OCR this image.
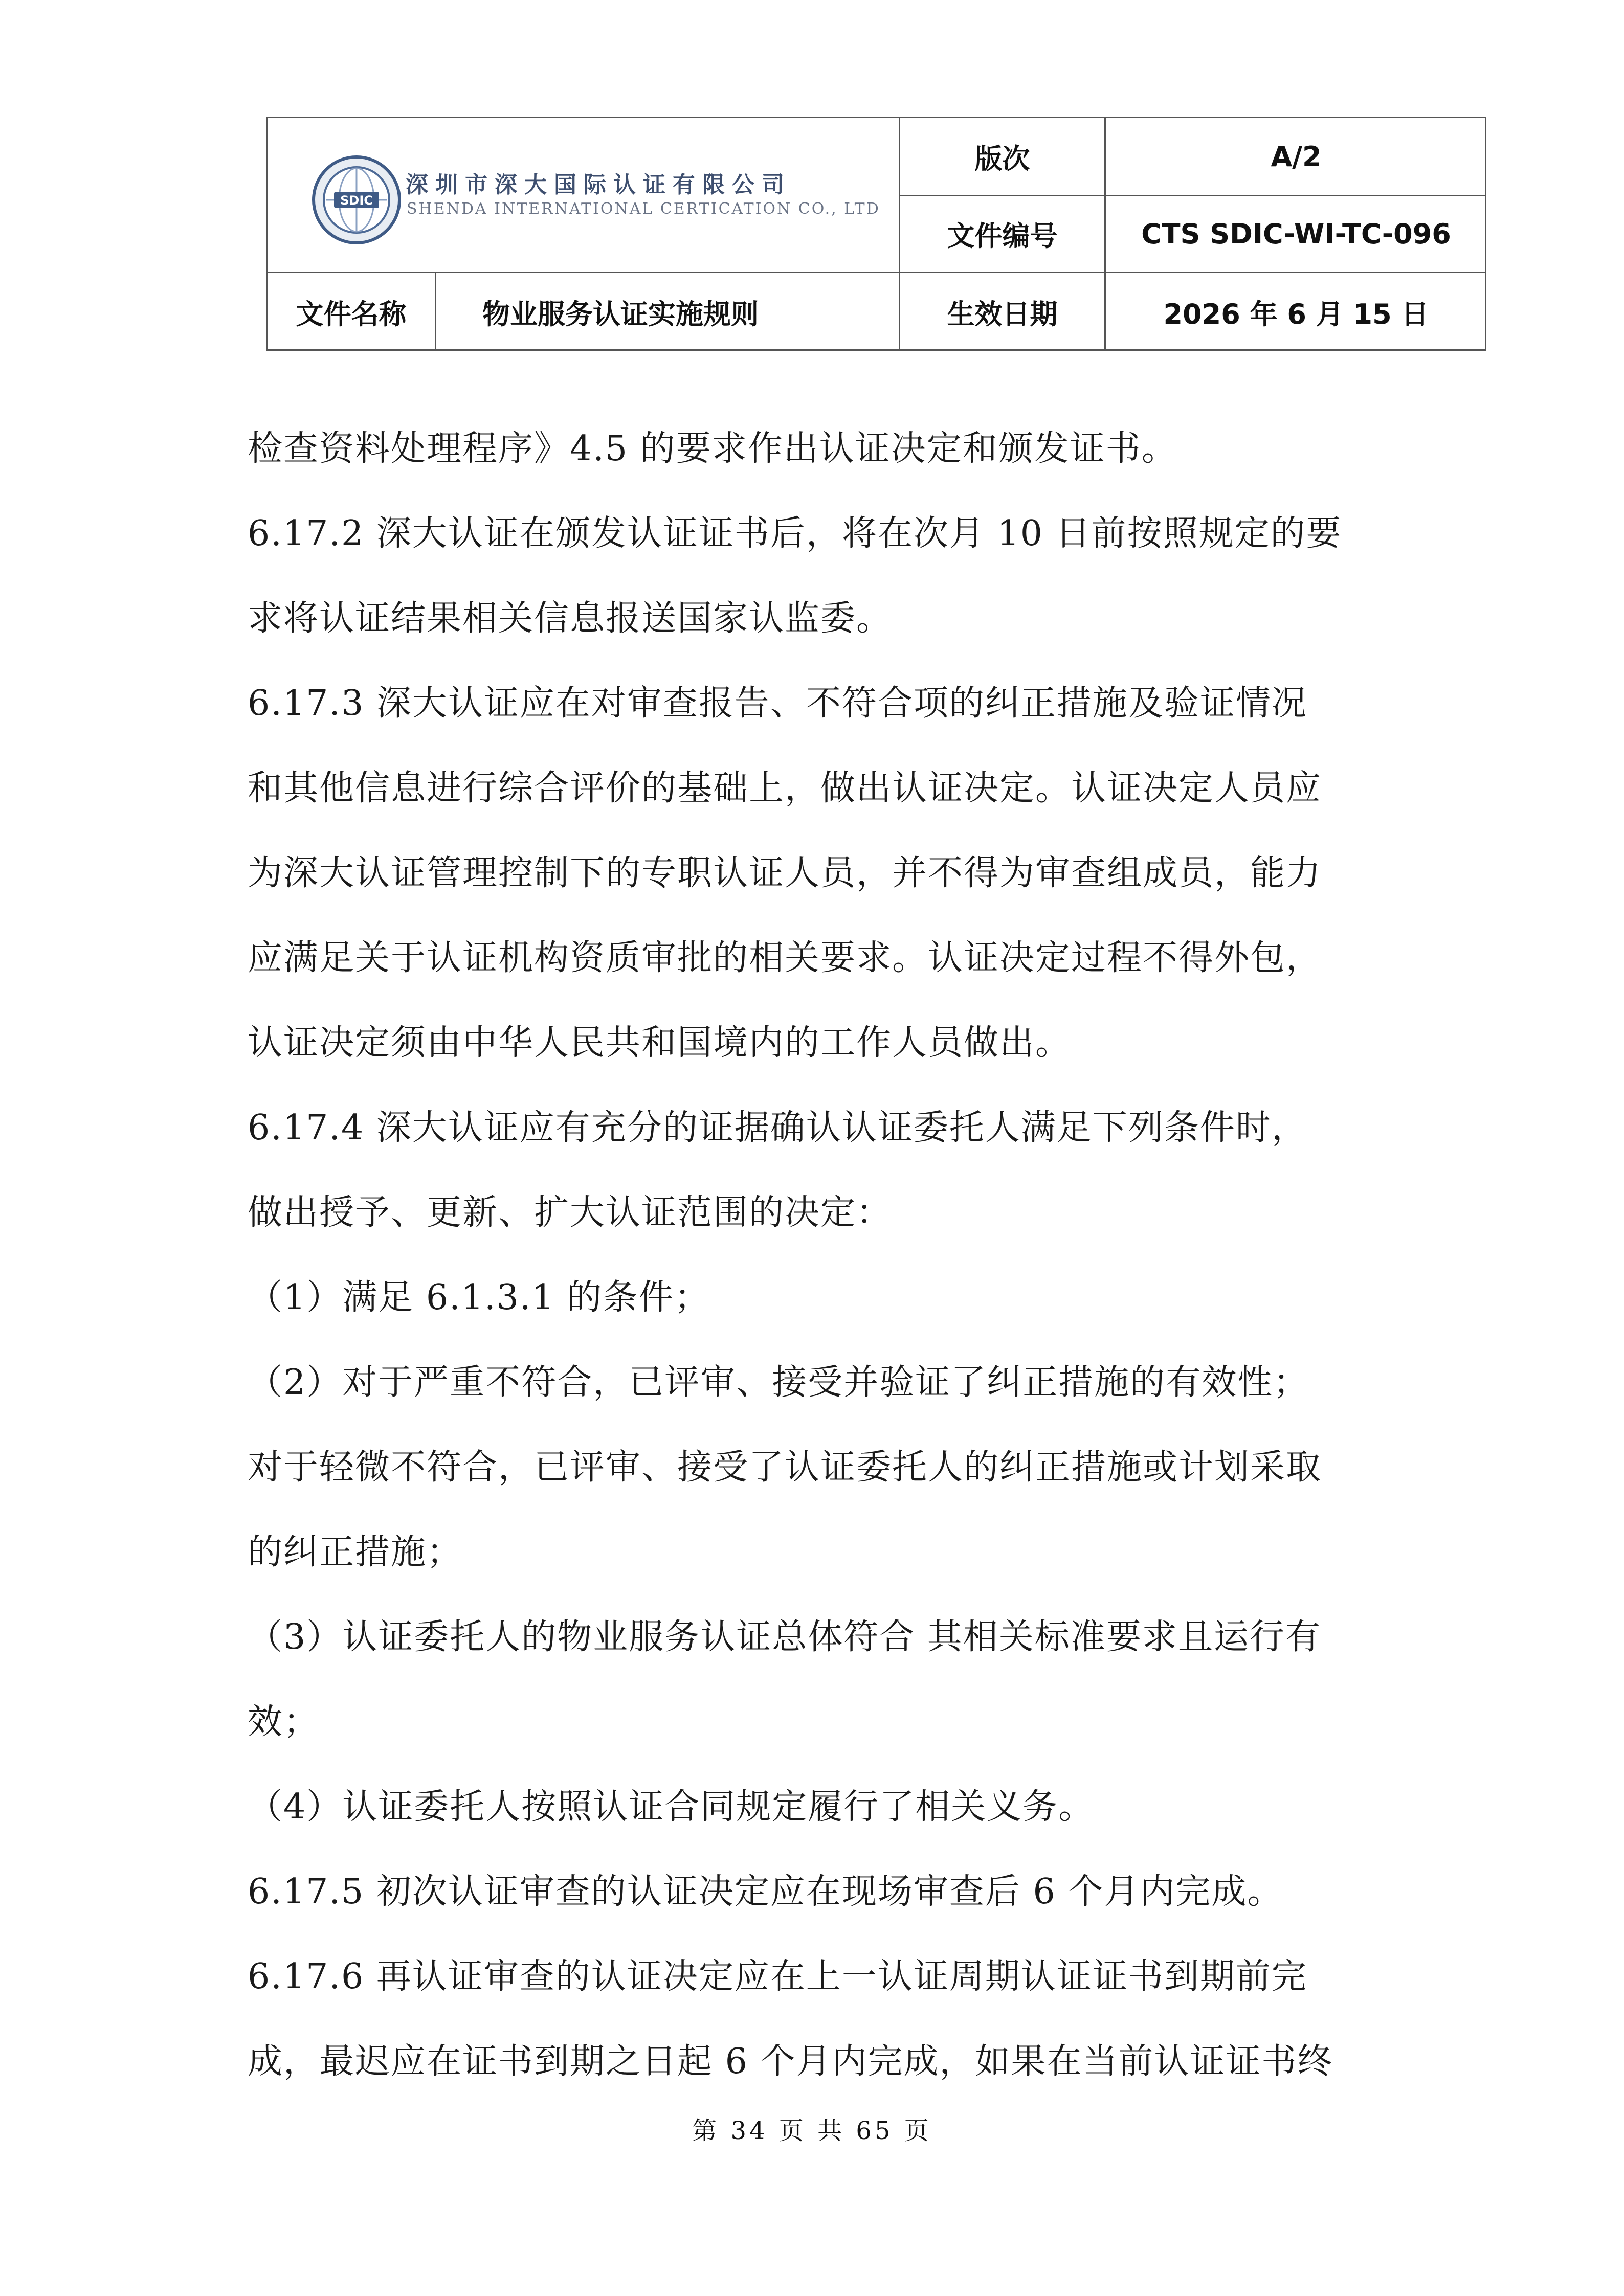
SDIC
深圳市深大国际认证有限公司
SHENDA INTERNATIONAL CERTICATION CO., LTD
版次	A/2
文件编号	CTS SDIC-WI-TC-096
文件名称	物业服务认证实施规则	生效日期	2026 年 6 月 15 日
检查资料处理程序》4.5 的要求作出认证决定和颁发证书。
6.17.2 深大认证在颁发认证证书后，将在次月 10 日前按照规定的要
求将认证结果相关信息报送国家认监委。
6.17.3 深大认证应在对审查报告、不符合项的纠正措施及验证情况
和其他信息进行综合评价的基础上，做出认证决定。认证决定人员应
为深大认证管理控制下的专职认证人员，并不得为审查组成员，能力
应满足关于认证机构资质审批的相关要求。认证决定过程不得外包，
认证决定须由中华人民共和国境内的工作人员做出。
6.17.4 深大认证应有充分的证据确认认证委托人满足下列条件时，
做出授予、更新、扩大认证范围的决定：
（1）满足 6.1.3.1 的条件；
（2）对于严重不符合，已评审、接受并验证了纠正措施的有效性；
对于轻微不符合，已评审、接受了认证委托人的纠正措施或计划采取
的纠正措施；
（3）认证委托人的物业服务认证总体符合 其相关标准要求且运行有
效；
（4）认证委托人按照认证合同规定履行了相关义务。
6.17.5 初次认证审查的认证决定应在现场审查后 6 个月内完成。
6.17.6 再认证审查的认证决定应在上一认证周期认证证书到期前完
成，最迟应在证书到期之日起 6 个月内完成，如果在当前认证证书终
第 34 页 共 65 页
